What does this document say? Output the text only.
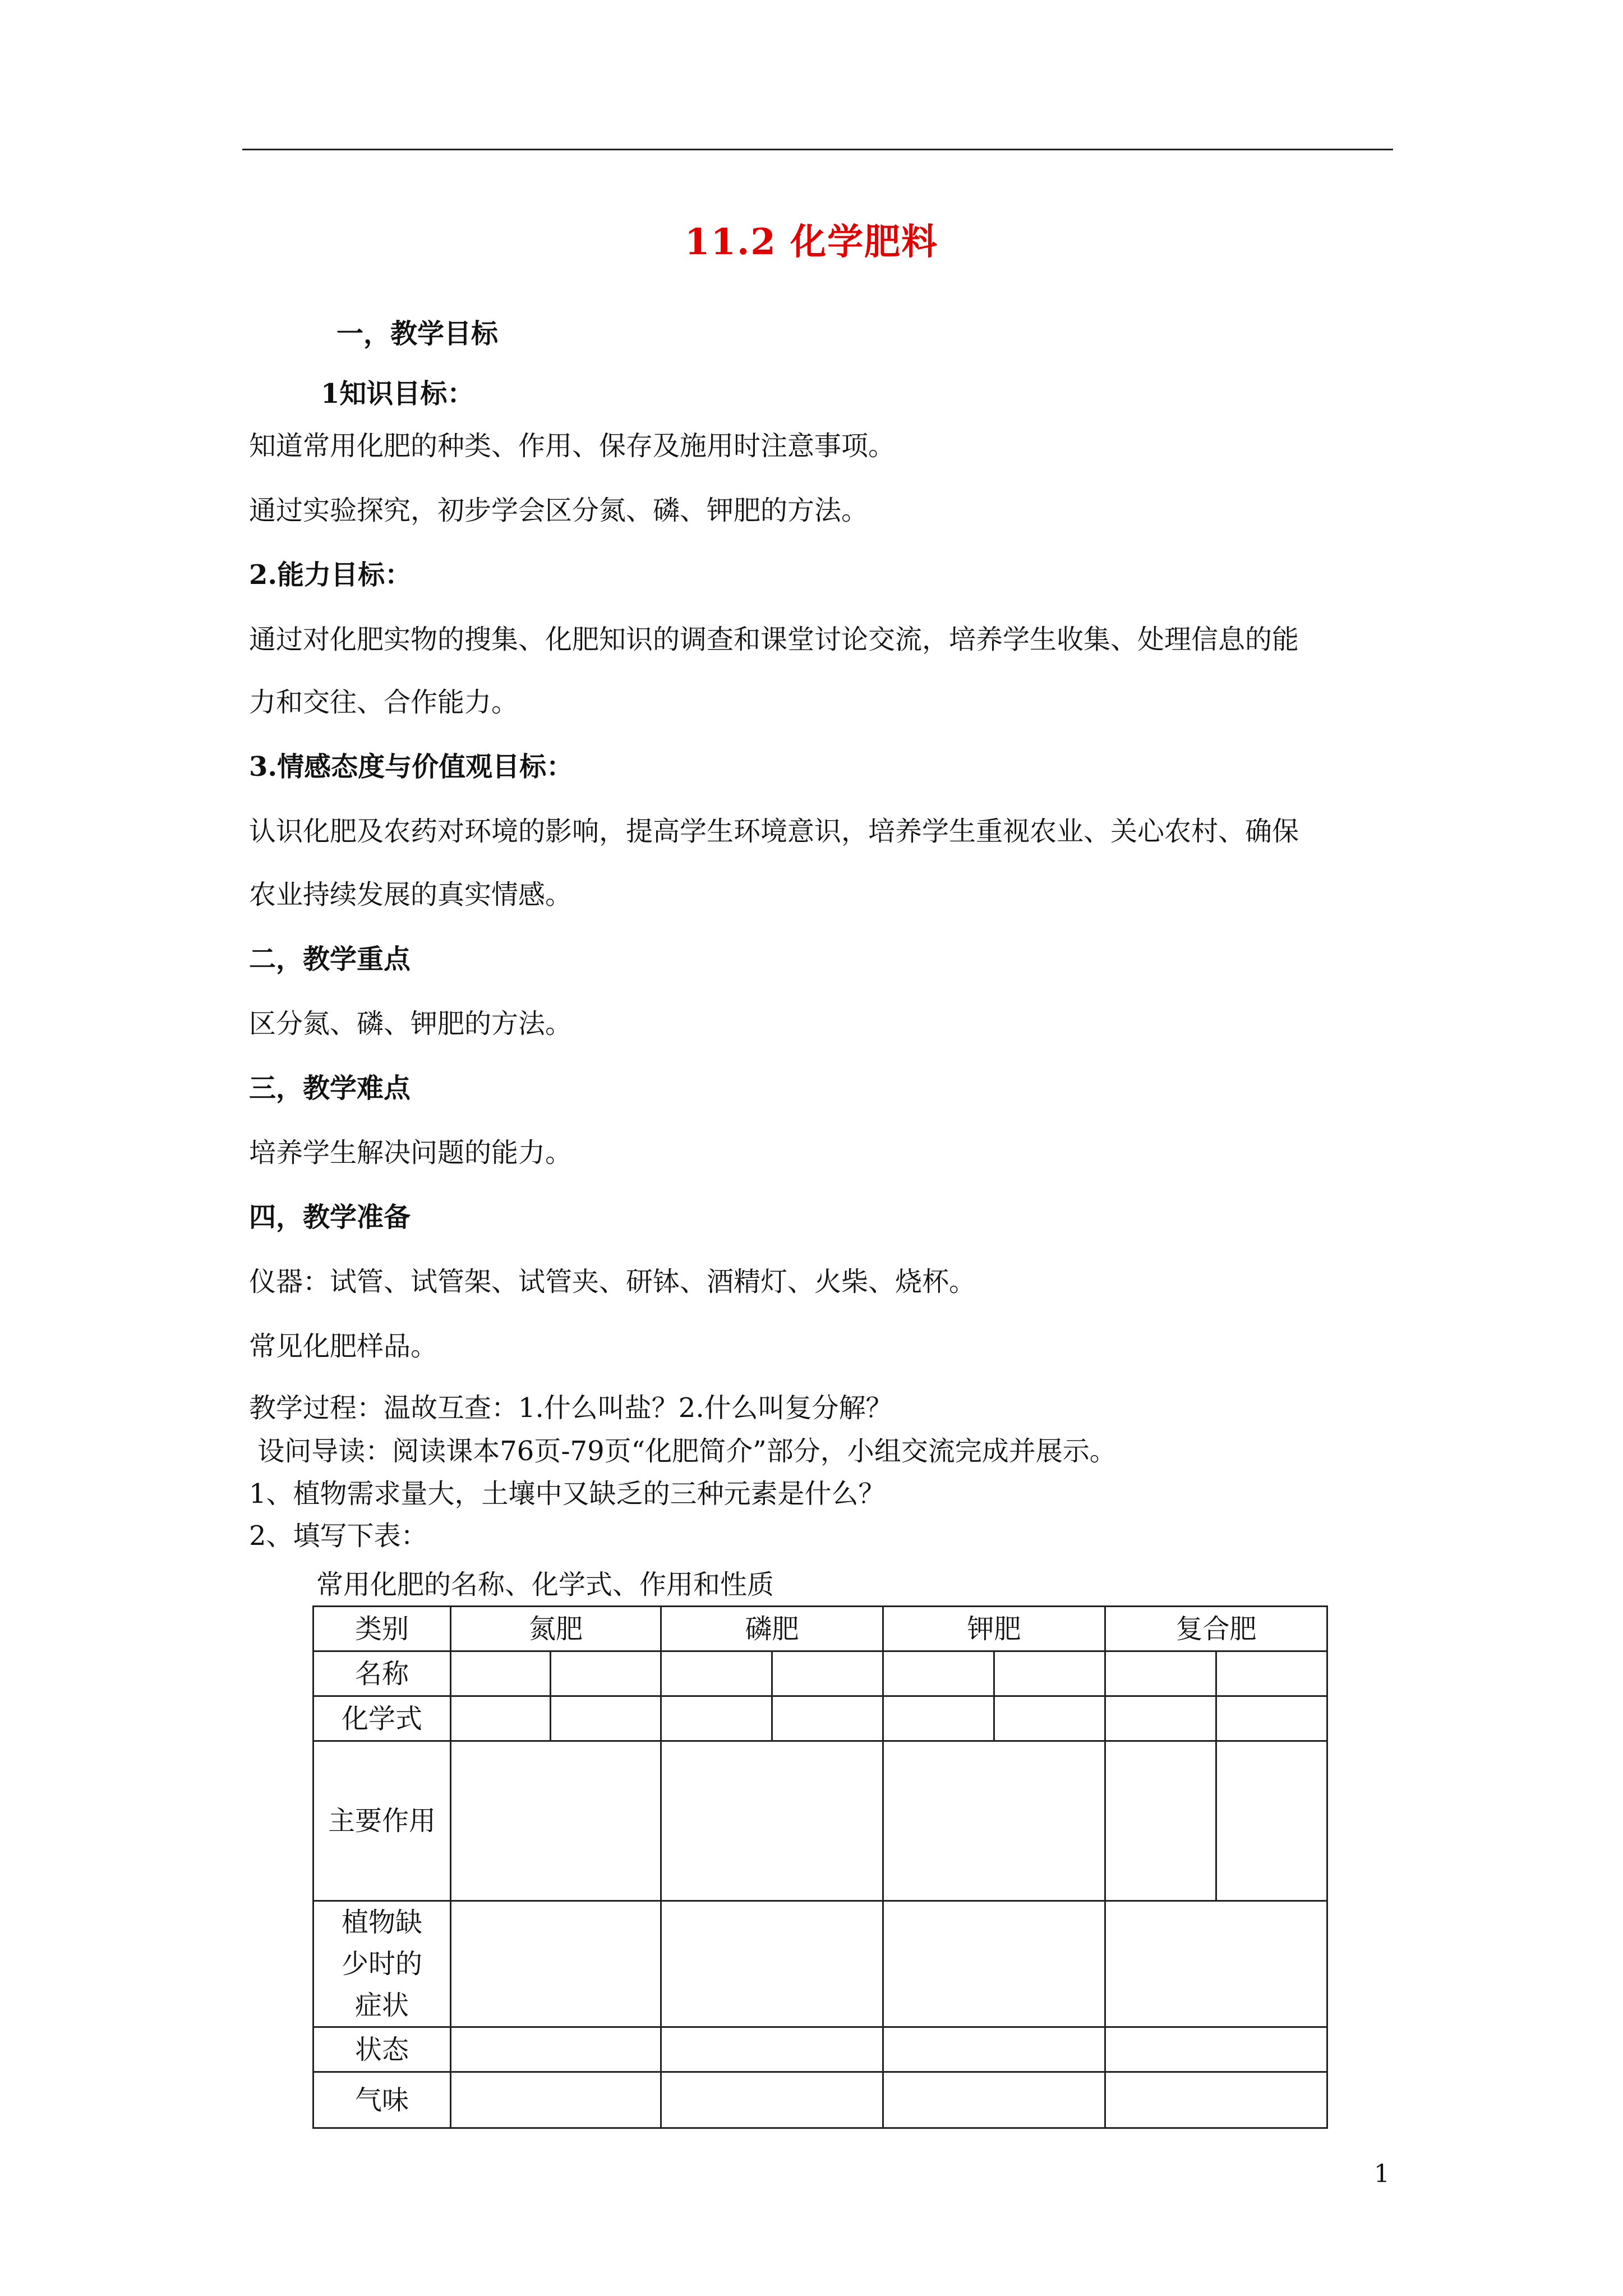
11.2 化学肥料
一，教学目标
1知识目标：
知道常用化肥的种类、作用、保存及施用时注意事项。
通过实验探究，初步学会区分氮、磷、钾肥的方法。
2.能力目标：
通过对化肥实物的搜集、化肥知识的调查和课堂讨论交流，培养学生收集、处理信息的能
力和交往、合作能力。
3.情感态度与价值观目标：
认识化肥及农药对环境的影响，提高学生环境意识，培养学生重视农业、关心农村、确保
农业持续发展的真实情感。
二，教学重点
区分氮、磷、钾肥的方法。
三，教学难点
培养学生解决问题的能力。
四，教学准备
仪器：试管、试管架、试管夹、研钵、酒精灯、火柴、烧杯。
常见化肥样品。
教学过程：温故互查：1.什么叫盐？2.什么叫复分解？
设问导读：阅读课本76页-79页“化肥简介”部分，小组交流完成并展示。
1、植物需求量大，土壤中又缺乏的三种元素是什么？
2、填写下表：
常用化肥的名称、化学式、作用和性质
类别	氮肥		磷肥		钾肥		复合肥	
名称								
化学式								
主要作用								
植物缺少时的症状								
状态								
气味								
1
